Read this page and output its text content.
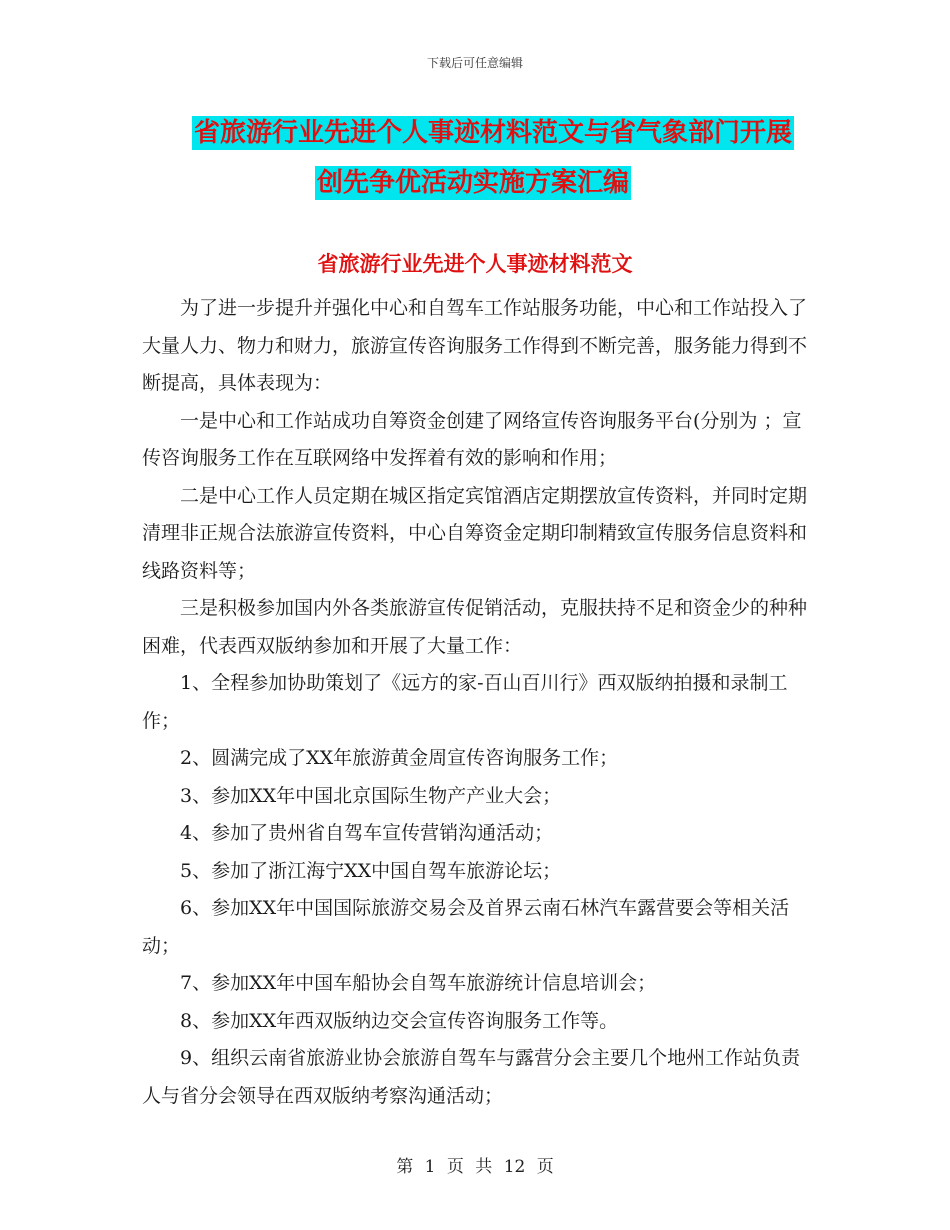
下载后可任意编辑
省旅游行业先进个人事迹材料范文与省气象部门开展
创先争优活动实施方案汇编
省旅游行业先进个人事迹材料范文

为了进一步提升并强化中心和自驾车工作站服务功能，中心和工作站投入了大量人力、物力和财力，旅游宣传咨询服务工作得到不断完善，服务能力得到不断提高，具体表现为：

一是中心和工作站成功自筹资金创建了网络宣传咨询服务平台(分别为 ；宣传咨询服务工作在互联网络中发挥着有效的影响和作用；

二是中心工作人员定期在城区指定宾馆酒店定期摆放宣传资料，并同时定期清理非正规合法旅游宣传资料，中心自筹资金定期印制精致宣传服务信息资料和线路资料等；

三是积极参加国内外各类旅游宣传促销活动，克服扶持不足和资金少的种种困难，代表西双版纳参加和开展了大量工作：

1、全程参加协助策划了《远方的家-百山百川行》西双版纳拍摄和录制工作；

2、圆满完成了XX年旅游黄金周宣传咨询服务工作；

3、参加XX年中国北京国际生物产产业大会；

4、参加了贵州省自驾车宣传营销沟通活动；

5、参加了浙江海宁XX中国自驾车旅游论坛；

6、参加XX年中国国际旅游交易会及首界云南石林汽车露营要会等相关活动；

7、参加XX年中国车船协会自驾车旅游统计信息培训会；

8、参加XX年西双版纳边交会宣传咨询服务工作等。

9、组织云南省旅游业协会旅游自驾车与露营分会主要几个地州工作站负责人与省分会领导在西双版纳考察沟通活动；

第 1 页 共 12 页
